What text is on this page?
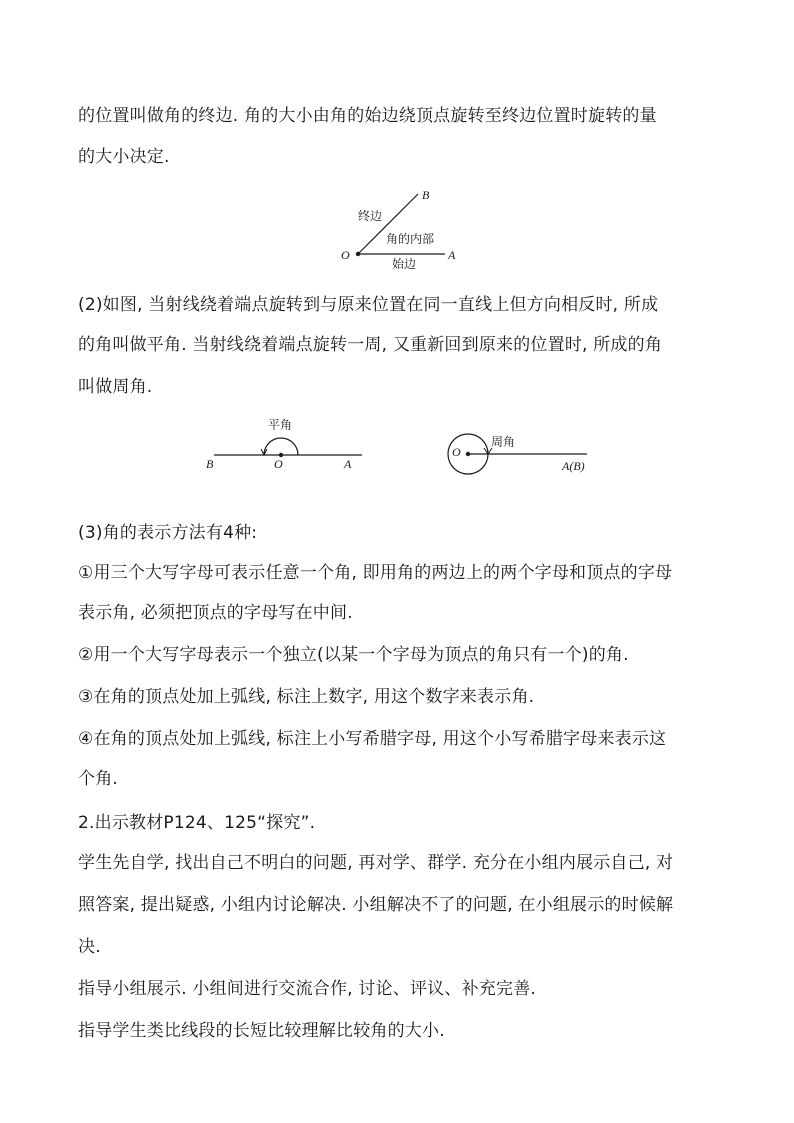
的位置叫做角的终边. 角的大小由角的始边绕顶点旋转至终边位置时旋转的量
的大小决定.
终边
角的内部
始边
O	A
B
(2)如图, 当射线绕着端点旋转到与原来位置在同一直线上但方向相反时, 所成
的角叫做平角. 当射线绕着端点旋转一周, 又重新回到原来的位置时, 所成的角
叫做周角.
平角
B	O	A
周角
O
A(B)
(3)角的表示方法有4种:
①用三个大写字母可表示任意一个角, 即用角的两边上的两个字母和顶点的字母
表示角, 必须把顶点的字母写在中间.
②用一个大写字母表示一个独立(以某一个字母为顶点的角只有一个)的角.
③在角的顶点处加上弧线, 标注上数字, 用这个数字来表示角.
④在角的顶点处加上弧线, 标注上小写希腊字母, 用这个小写希腊字母来表示这
个角.
2.出示教材P124、125“探究”.
学生先自学, 找出自己不明白的问题, 再对学、群学. 充分在小组内展示自己, 对
照答案, 提出疑惑, 小组内讨论解决. 小组解决不了的问题, 在小组展示的时候解
决.
指导小组展示. 小组间进行交流合作, 讨论、评议、补充完善.
指导学生类比线段的长短比较理解比较角的大小.
